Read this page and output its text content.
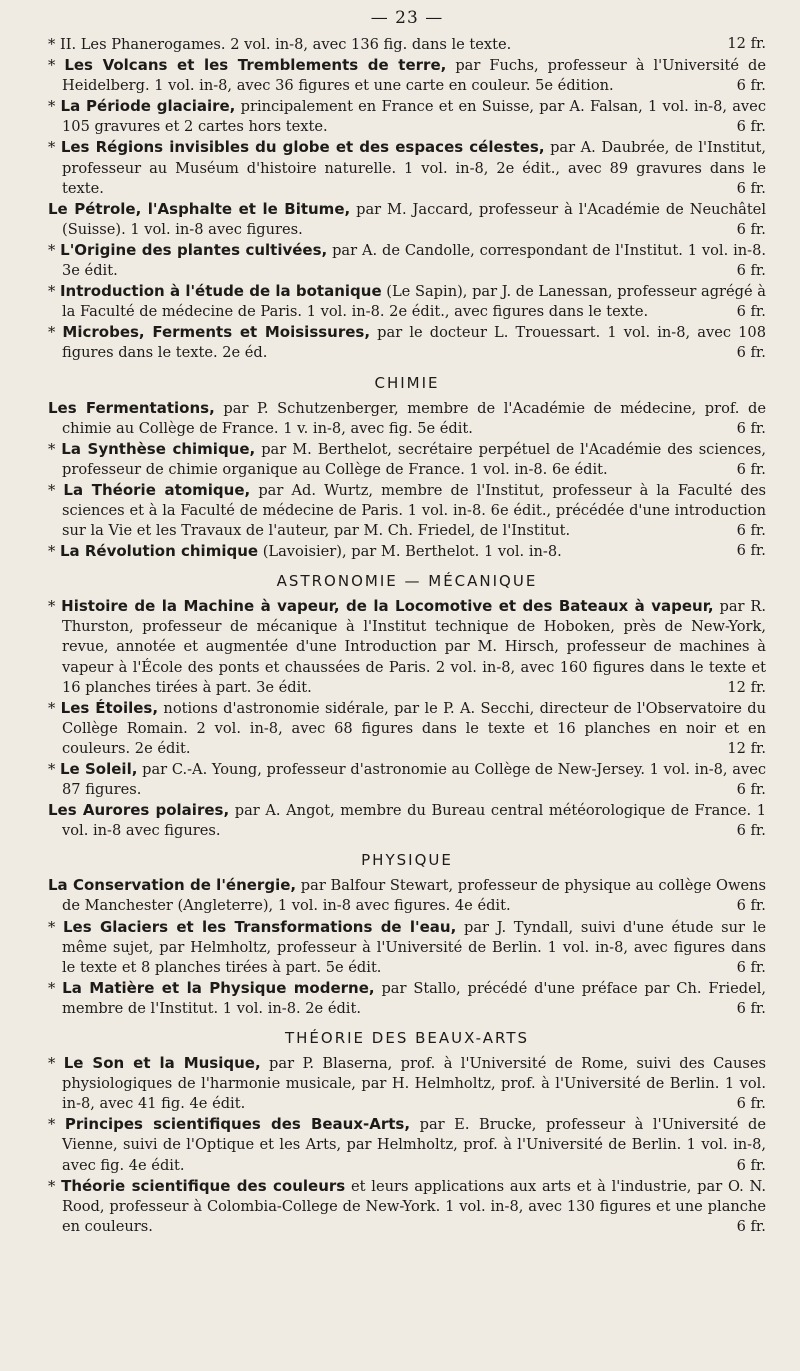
— 23 —

* II. Les Phanerogames. 2 vol. in-8, avec 136 fig. dans le texte.	12 fr.

* Les Volcans et les Tremblements de terre, par Fuchs, professeur à l'Université de Heidelberg. 1 vol. in-8, avec 36 figures et une carte en couleur. 5e édition.	6 fr.

* La Période glaciaire, principalement en France et en Suisse, par A. Falsan, 1 vol. in-8, avec 105 gravures et 2 cartes hors texte.	6 fr.

* Les Régions invisibles du globe et des espaces célestes, par A. Daubrée, de l'Institut, professeur au Muséum d'histoire naturelle. 1 vol. in-8, 2e édit., avec 89 gravures dans le texte.	6 fr.

Le Pétrole, l'Asphalte et le Bitume, par M. Jaccard, professeur à l'Académie de Neuchâtel (Suisse). 1 vol. in-8 avec figures.	6 fr.

* L'Origine des plantes cultivées, par A. de Candolle, correspondant de l'Institut. 1 vol. in-8. 3e édit.	6 fr.

* Introduction à l'étude de la botanique (Le Sapin), par J. de Lanessan, professeur agrégé à la Faculté de médecine de Paris. 1 vol. in-8. 2e édit., avec figures dans le texte.	6 fr.

* Microbes, Ferments et Moisissures, par le docteur L. Trouessart. 1 vol. in-8, avec 108 figures dans le texte. 2e éd.	6 fr.

CHIMIE

Les Fermentations, par P. Schutzenberger, membre de l'Académie de médecine, prof. de chimie au Collège de France. 1 v. in-8, avec fig. 5e édit.	6 fr.

* La Synthèse chimique, par M. Berthelot, secrétaire perpétuel de l'Académie des sciences, professeur de chimie organique au Collège de France. 1 vol. in-8. 6e édit.	6 fr.

* La Théorie atomique, par Ad. Wurtz, membre de l'Institut, professeur à la Faculté des sciences et à la Faculté de médecine de Paris. 1 vol. in-8. 6e édit., précédée d'une introduction sur la Vie et les Travaux de l'auteur, par M. Ch. Friedel, de l'Institut.	6 fr.

* La Révolution chimique (Lavoisier), par M. Berthelot. 1 vol. in-8.	6 fr.

ASTRONOMIE — MÉCANIQUE

* Histoire de la Machine à vapeur, de la Locomotive et des Bateaux à vapeur, par R. Thurston, professeur de mécanique à l'Institut technique de Hoboken, près de New-York, revue, annotée et augmentée d'une Introduction par M. Hirsch, professeur de machines à vapeur à l'École des ponts et chaussées de Paris. 2 vol. in-8, avec 160 figures dans le texte et 16 planches tirées à part. 3e édit.	12 fr.

* Les Étoiles, notions d'astronomie sidérale, par le P. A. Secchi, directeur de l'Observatoire du Collège Romain. 2 vol. in-8, avec 68 figures dans le texte et 16 planches en noir et en couleurs. 2e édit.	12 fr.

* Le Soleil, par C.-A. Young, professeur d'astronomie au Collège de New-Jersey. 1 vol. in-8, avec 87 figures.	6 fr.

Les Aurores polaires, par A. Angot, membre du Bureau central météorologique de France. 1 vol. in-8 avec figures.	6 fr.

PHYSIQUE

La Conservation de l'énergie, par Balfour Stewart, professeur de physique au collège Owens de Manchester (Angleterre), 1 vol. in-8 avec figures. 4e édit.	6 fr.

* Les Glaciers et les Transformations de l'eau, par J. Tyndall, suivi d'une étude sur le même sujet, par Helmholtz, professeur à l'Université de Berlin. 1 vol. in-8, avec figures dans le texte et 8 planches tirées à part. 5e édit.	6 fr.

* La Matière et la Physique moderne, par Stallo, précédé d'une préface par Ch. Friedel, membre de l'Institut. 1 vol. in-8. 2e édit.	6 fr.

THÉORIE DES BEAUX-ARTS

* Le Son et la Musique, par P. Blaserna, prof. à l'Université de Rome, suivi des Causes physiologiques de l'harmonie musicale, par H. Helmholtz, prof. à l'Université de Berlin. 1 vol. in-8, avec 41 fig. 4e édit.	6 fr.

* Principes scientifiques des Beaux-Arts, par E. Brucke, professeur à l'Université de Vienne, suivi de l'Optique et les Arts, par Helmholtz, prof. à l'Université de Berlin. 1 vol. in-8, avec fig. 4e édit.	6 fr.

* Théorie scientifique des couleurs et leurs applications aux arts et à l'industrie, par O. N. Rood, professeur à Colombia-College de New-York. 1 vol. in-8, avec 130 figures et une planche en couleurs.	6 fr.
